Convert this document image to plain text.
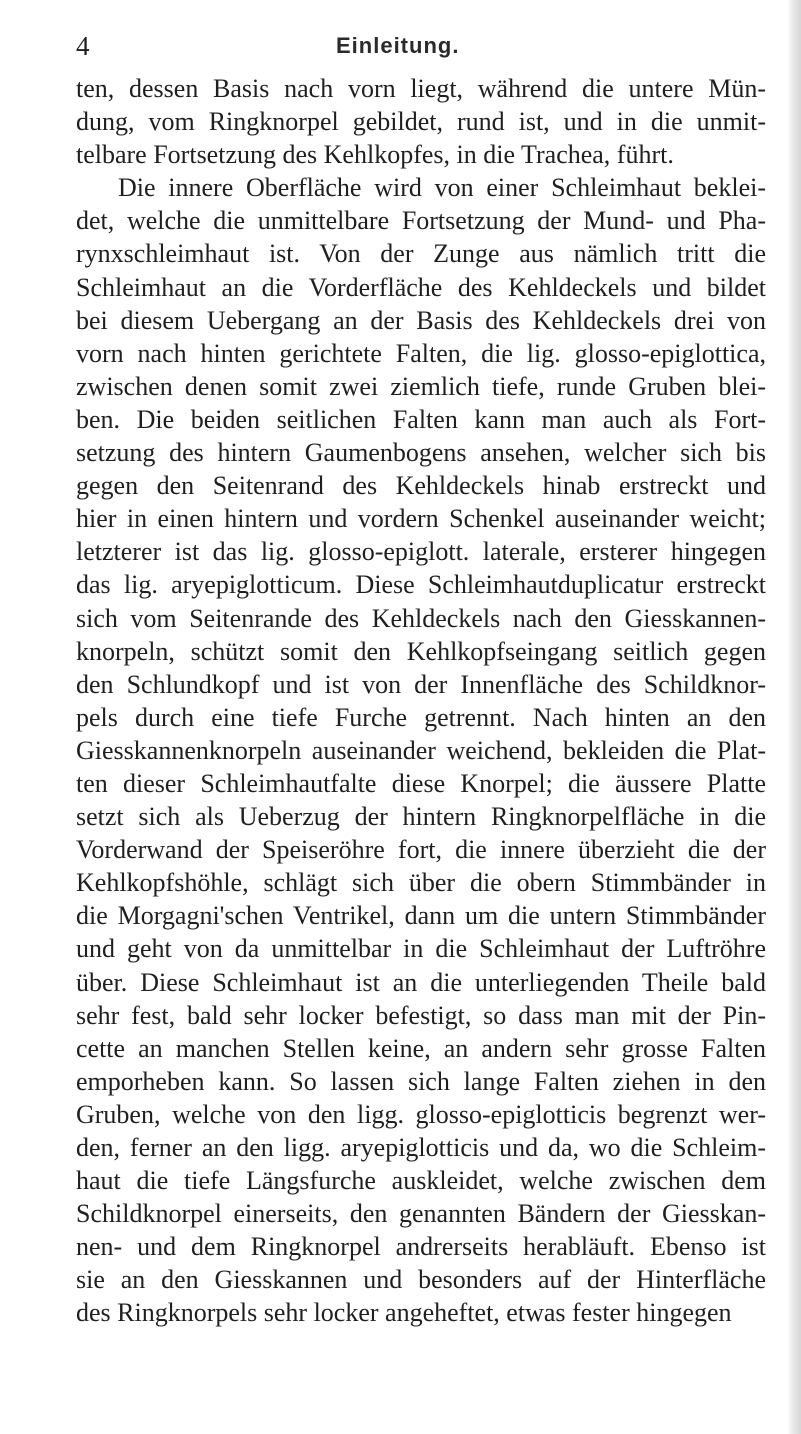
4	Einleitung.
ten, dessen Basis nach vorn liegt, während die untere Mün-
dung, vom Ringknorpel gebildet, rund ist, und in die unmit-
telbare Fortsetzung des Kehlkopfes, in die Trachea, führt.
Die innere Oberfläche wird von einer Schleimhaut beklei-
det, welche die unmittelbare Fortsetzung der Mund- und Pha-
rynxschleimhaut ist. Von der Zunge aus nämlich tritt die
Schleimhaut an die Vorderfläche des Kehldeckels und bildet
bei diesem Uebergang an der Basis des Kehldeckels drei von
vorn nach hinten gerichtete Falten, die lig. glosso-epiglottica,
zwischen denen somit zwei ziemlich tiefe, runde Gruben blei-
ben. Die beiden seitlichen Falten kann man auch als Fort-
setzung des hintern Gaumenbogens ansehen, welcher sich bis
gegen den Seitenrand des Kehldeckels hinab erstreckt und
hier in einen hintern und vordern Schenkel auseinander weicht;
letzterer ist das lig. glosso-epiglott. laterale, ersterer hingegen
das lig. aryepiglotticum. Diese Schleimhautduplicatur erstreckt
sich vom Seitenrande des Kehldeckels nach den Giesskannen-
knorpeln, schützt somit den Kehlkopfseingang seitlich gegen
den Schlundkopf und ist von der Innenfläche des Schildknor-
pels durch eine tiefe Furche getrennt. Nach hinten an den
Giesskannenknorpeln auseinander weichend, bekleiden die Plat-
ten dieser Schleimhautfalte diese Knorpel; die äussere Platte
setzt sich als Ueberzug der hintern Ringknorpelfläche in die
Vorderwand der Speiseröhre fort, die innere überzieht die der
Kehlkopfshöhle, schlägt sich über die obern Stimmbänder in
die Morgagni'schen Ventrikel, dann um die untern Stimmbänder
und geht von da unmittelbar in die Schleimhaut der Luftröhre
über. Diese Schleimhaut ist an die unterliegenden Theile bald
sehr fest, bald sehr locker befestigt, so dass man mit der Pin-
cette an manchen Stellen keine, an andern sehr grosse Falten
emporheben kann. So lassen sich lange Falten ziehen in den
Gruben, welche von den ligg. glosso-epiglotticis begrenzt wer-
den, ferner an den ligg. aryepiglotticis und da, wo die Schleim-
haut die tiefe Längsfurche auskleidet, welche zwischen dem
Schildknorpel einerseits, den genannten Bändern der Giesskan-
nen- und dem Ringknorpel andrerseits herabläuft. Ebenso ist
sie an den Giesskannen und besonders auf der Hinterfläche
des Ringknorpels sehr locker angeheftet, etwas fester hingegen
